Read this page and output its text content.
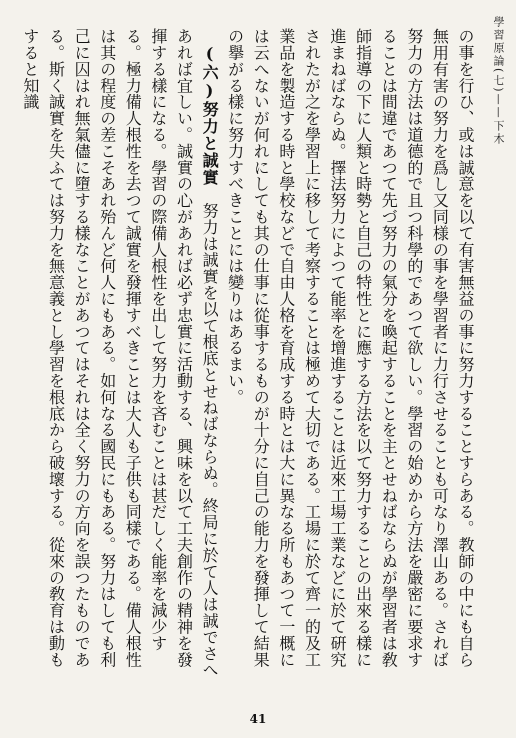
學習原論(七)——下木

の事を行ひ、或は誠意を以て有害無益の事に努力することすらある。教師の中にも自ら無用有害の努力を爲し又同様の事を學習者に力行させることも可なり澤山ある。されば努力の方法は道德的で且つ科學的であつて欲しい。學習の始めから方法を嚴密に要求することは間違であつて先づ努力の氣分を喚起することを主とせねばならぬが學習者は敎師指導の下に人類と時勢と自己の特性とに應する方法を以て努力することの出來る樣に進まねばならぬ。擇法努力によつて能率を增進することは近來工場工業などに於て硏究されたが之を學習上に移して考察することは極めて大切である。工場に於て齊一的及工業品を製造する時と學校などで自由人格を育成する時とは大に異なる所もあつて一概には云へないが何れにしても其の仕事に從事するものが十分に自己の能力を發揮して結果の擧がる樣に努力すべきことには變りはあるまい。

(六)努力と誠實　努力は誠實を以て根底とせねばならぬ。終局に於て人は誠でさへあれば宜しい。誠實の心があれば必ず忠實に活動する、興味を以て工夫創作の精神を發揮する樣になる。學習の際備人根性を出して努力を吝むことは甚だしく能率を減少する。極力備人根性を去つて誠實を發揮すべきことは大人も子供も同樣である。備人根性は其の程度の差こそあれ殆んど何人にもある。如何なる國民にもある。努力はしても利己に囚はれ無氣儘に墮する樣なことがあつてはそれは全く努力の方向を誤つたものである。斯く誠實を失ふては努力を無意義とし學習を根底から破壞する。從來の敎育は動もすると知識

41
